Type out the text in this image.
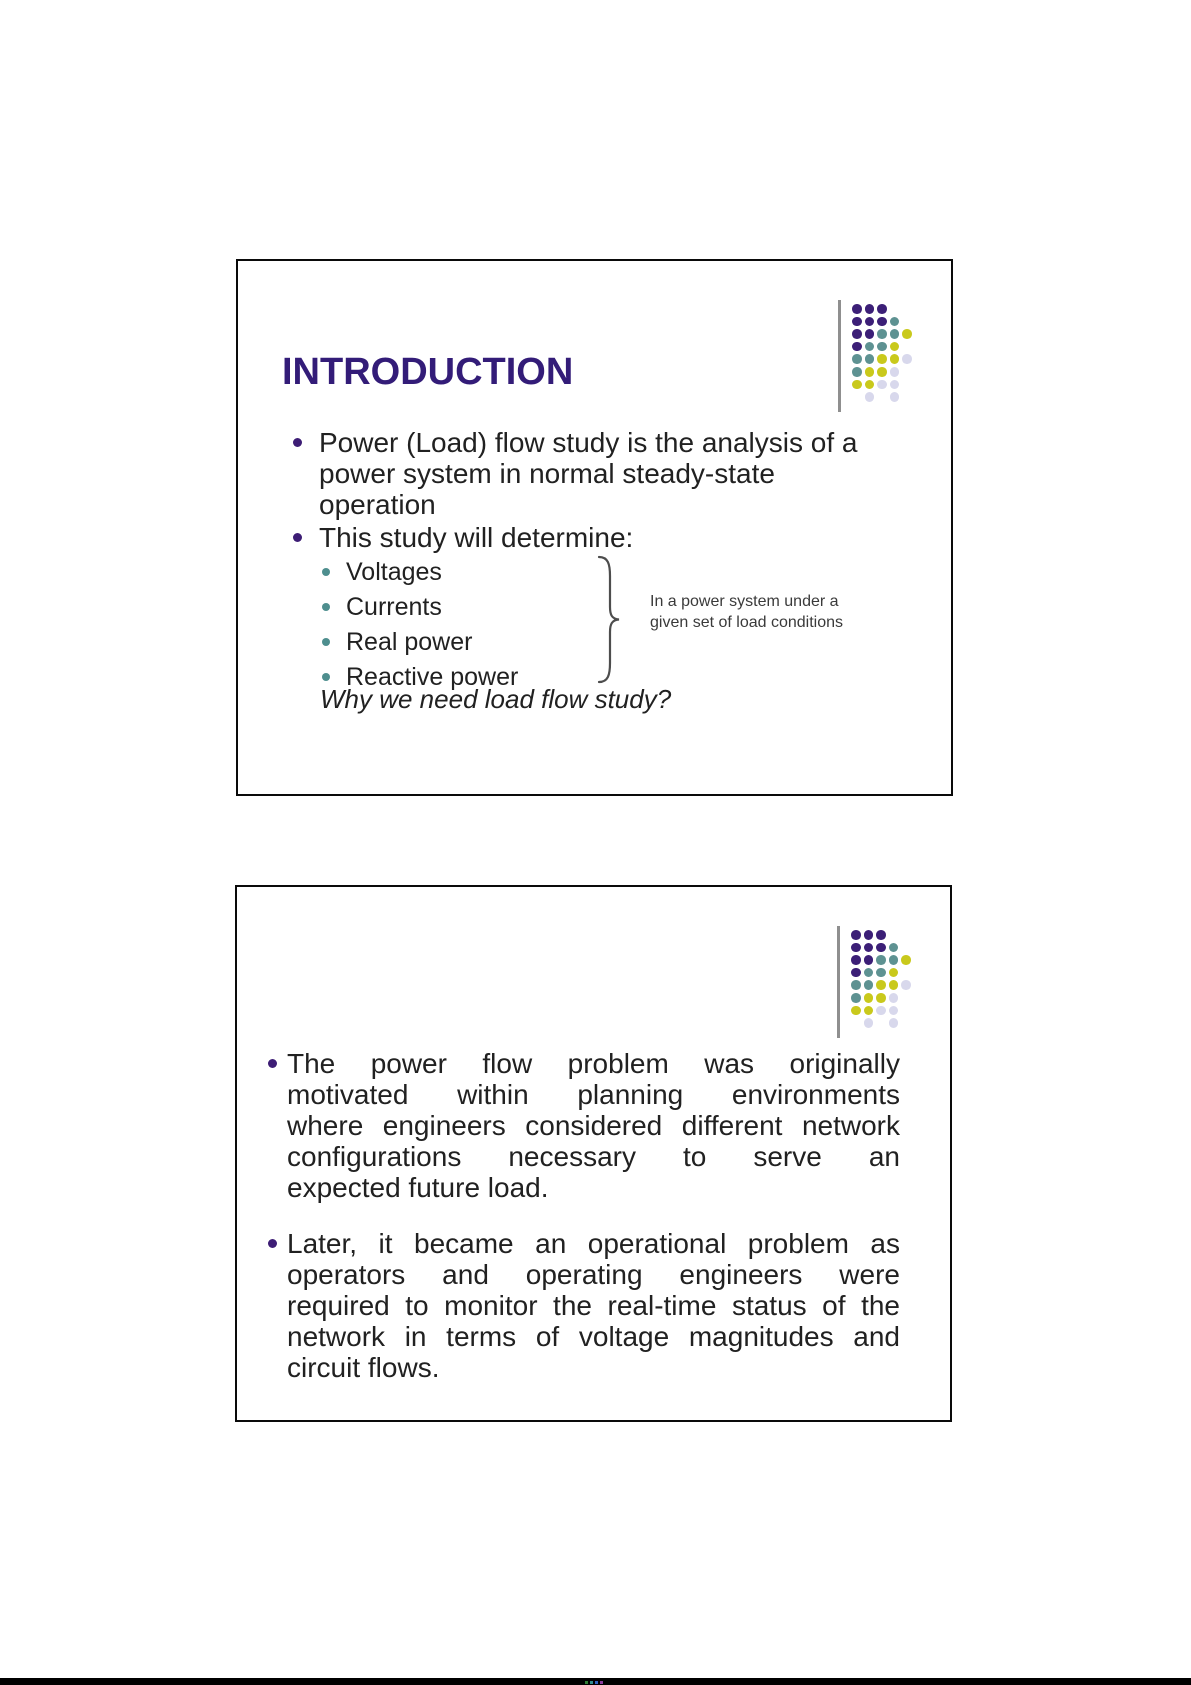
INTRODUCTION
Power (Load) flow study is the analysis of a
power system in normal steady-state
operation
This study will determine:
Voltages
Currents
Real power
Reactive power
In a power system under a
given set of load conditions
Why we need load flow study?
The power flow problem was originally
motivated within planning environments
where engineers considered different network
configurations necessary to serve an
expected future load.
Later, it became an operational problem as
operators and operating engineers were
required to monitor the real-time status of the
network in terms of voltage magnitudes and
circuit flows.
